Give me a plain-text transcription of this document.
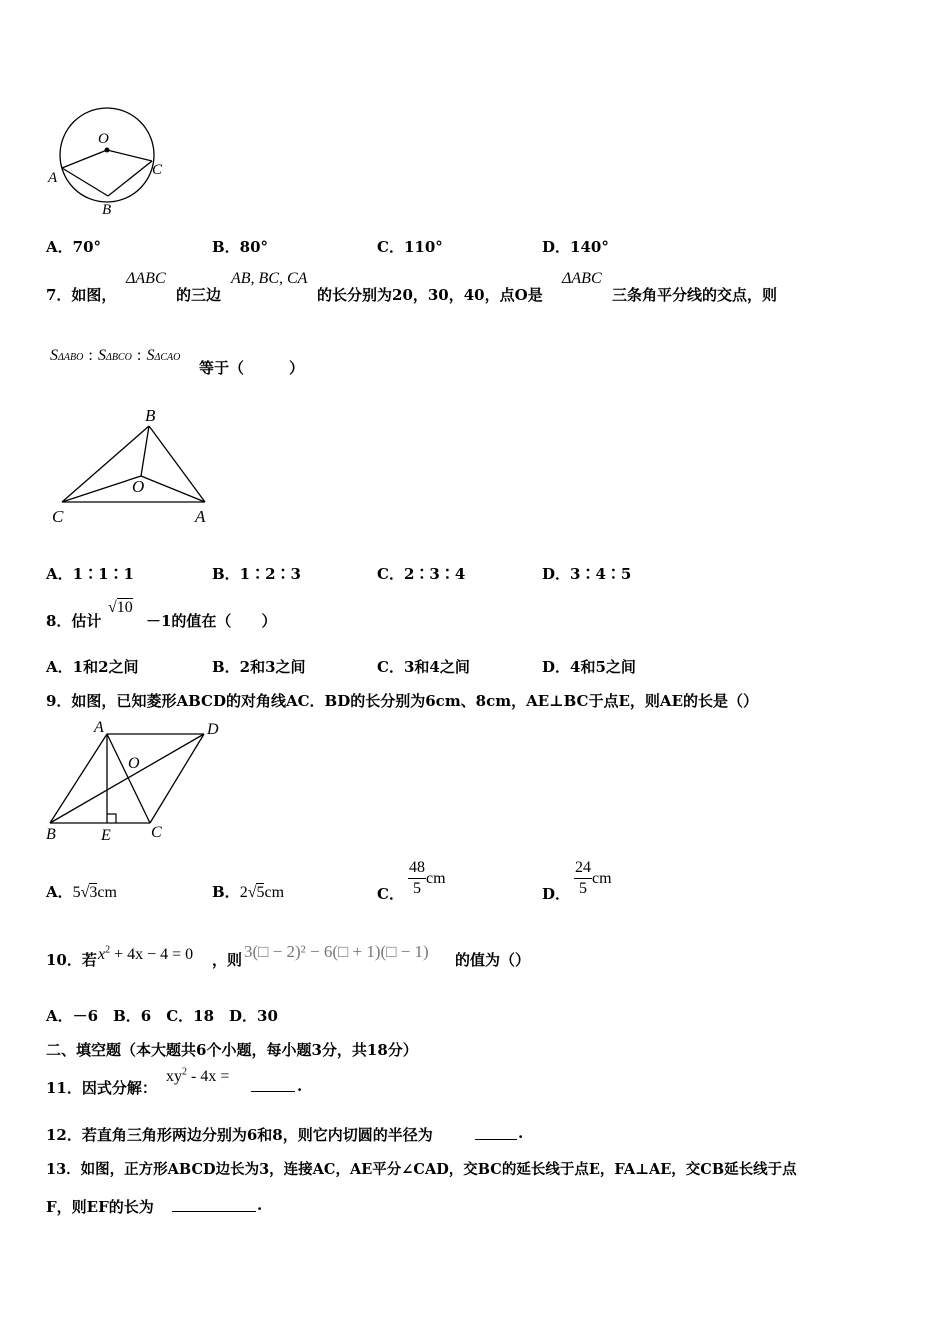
O
A
B
C
A．70°	B．80°	C．110°	D．140°
7．如图，
ΔABC
的三边
AB, BC, CA
的长分别为20，30，40，点O是
ΔABC
三条角平分线的交点，则
SΔABO : SΔBCO : SΔCAO
等于（　　　）
B
O
C	A
A．1∶1∶1	B．1∶2∶3	C．2∶3∶4	D．3∶4∶5
8．估计
√10
－1的值在（　　）
A．1和2之间	B．2和3之间	C．3和4之间	D．4和5之间
9．如图，已知菱形ABCD的对角线AC．BD的长分别为6cm、8cm，AE⊥BC于点E，则AE的长是（）
A	D
O
B	E	C
A．5√3cm	B．2√5cm	C． $\frac{48}{5}$ cm
D． $\frac{24}{5}$ cm
10．若 $x^2 + 4x - 4 = 0$ ，则 3(□ − 2)² − 6(□ + 1)(□ − 1) 的值为（）
A．－6　B．6　C．18　D．30
二、填空题（本大题共6个小题，每小题3分，共18分）
11．因式分解：
$xy^2 - 4x$ =
.
12．若直角三角形两边分别为6和8，则它内切圆的半径为	.
13．如图，正方形ABCD边长为3，连接AC，AE平分∠CAD，交BC的延长线于点E，FA⊥AE，交CB延长线于点
F，则EF的长为	.
